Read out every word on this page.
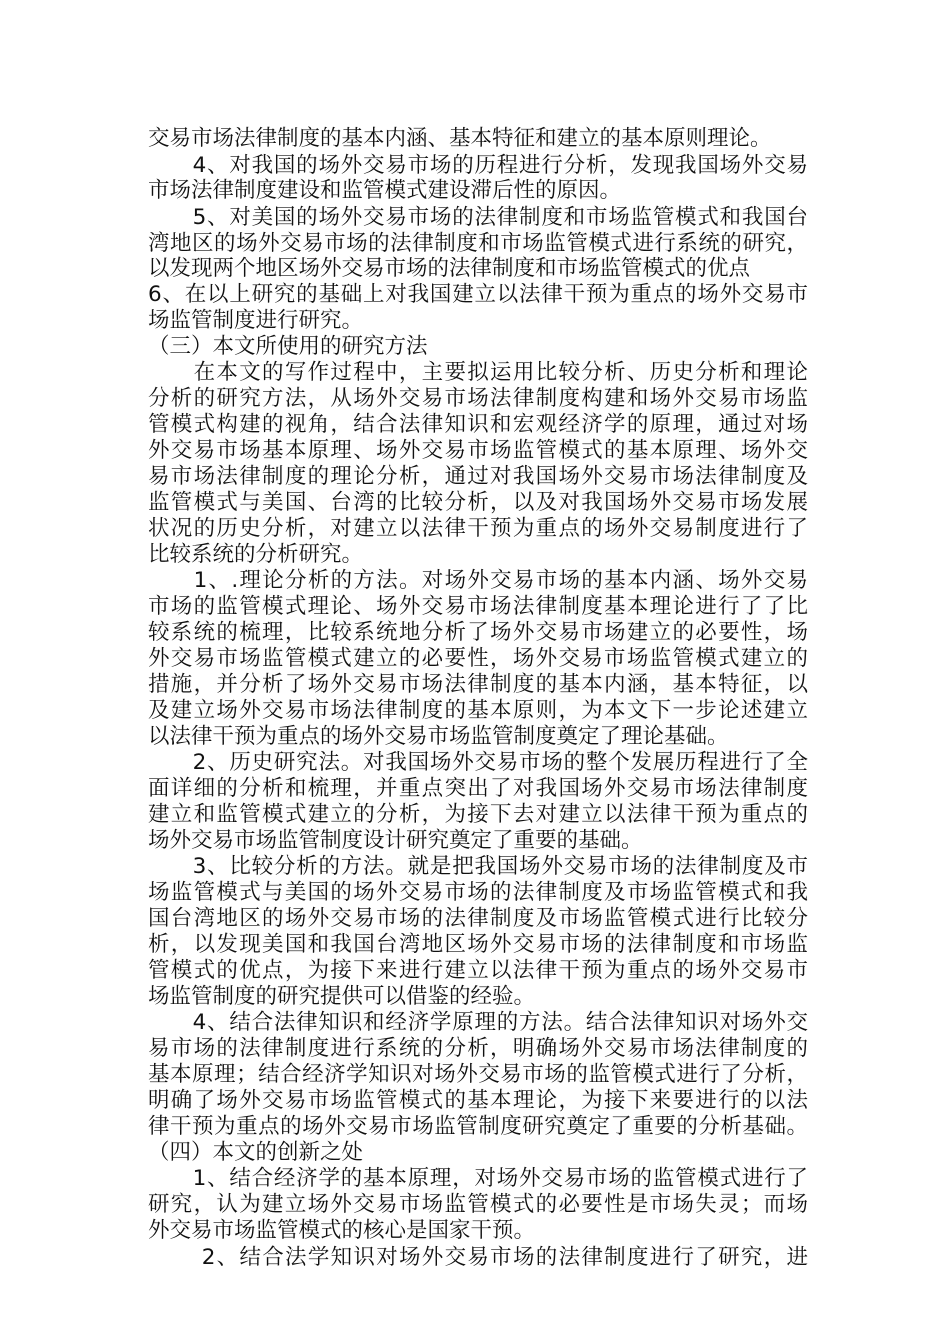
交易市场法律制度的基本内涵、基本特征和建立的基本原则理论。
　　4、对我国的场外交易市场的历程进行分析，发现我国场外交易
市场法律制度建设和监管模式建设滞后性的原因。
　　5、对美国的场外交易市场的法律制度和市场监管模式和我国台
湾地区的场外交易市场的法律制度和市场监管模式进行系统的研究，
以发现两个地区场外交易市场的法律制度和市场监管模式的优点
6、在以上研究的基础上对我国建立以法律干预为重点的场外交易市
场监管制度进行研究。
（三）本文所使用的研究方法
　　在本文的写作过程中，主要拟运用比较分析、历史分析和理论
分析的研究方法，从场外交易市场法律制度构建和场外交易市场监
管模式构建的视角，结合法律知识和宏观经济学的原理，通过对场
外交易市场基本原理、场外交易市场监管模式的基本原理、场外交
易市场法律制度的理论分析，通过对我国场外交易市场法律制度及
监管模式与美国、台湾的比较分析，以及对我国场外交易市场发展
状况的历史分析，对建立以法律干预为重点的场外交易制度进行了
比较系统的分析研究。
　　1、.理论分析的方法。对场外交易市场的基本内涵、场外交易
市场的监管模式理论、场外交易市场法律制度基本理论进行了了比
较系统的梳理，比较系统地分析了场外交易市场建立的必要性，场
外交易市场监管模式建立的必要性，场外交易市场监管模式建立的
措施，并分析了场外交易市场法律制度的基本内涵，基本特征，以
及建立场外交易市场法律制度的基本原则，为本文下一步论述建立
以法律干预为重点的场外交易市场监管制度奠定了理论基础。
　　2、历史研究法。对我国场外交易市场的整个发展历程进行了全
面详细的分析和梳理，并重点突出了对我国场外交易市场法律制度
建立和监管模式建立的分析，为接下去对建立以法律干预为重点的
场外交易市场监管制度设计研究奠定了重要的基础。
　　3、比较分析的方法。就是把我国场外交易市场的法律制度及市
场监管模式与美国的场外交易市场的法律制度及市场监管模式和我
国台湾地区的场外交易市场的法律制度及市场监管模式进行比较分
析，以发现美国和我国台湾地区场外交易市场的法律制度和市场监
管模式的优点，为接下来进行建立以法律干预为重点的场外交易市
场监管制度的研究提供可以借鉴的经验。
　　4、结合法律知识和经济学原理的方法。结合法律知识对场外交
易市场的法律制度进行系统的分析，明确场外交易市场法律制度的
基本原理；结合经济学知识对场外交易市场的监管模式进行了分析，
明确了场外交易市场监管模式的基本理论，为接下来要进行的以法
律干预为重点的场外交易市场监管制度研究奠定了重要的分析基础。
（四）本文的创新之处
　　1、结合经济学的基本原理，对场外交易市场的监管模式进行了
研究，认为建立场外交易市场监管模式的必要性是市场失灵；而场
外交易市场监管模式的核心是国家干预。
　　 2、结合法学知识对场外交易市场的法律制度进行了研究，进
